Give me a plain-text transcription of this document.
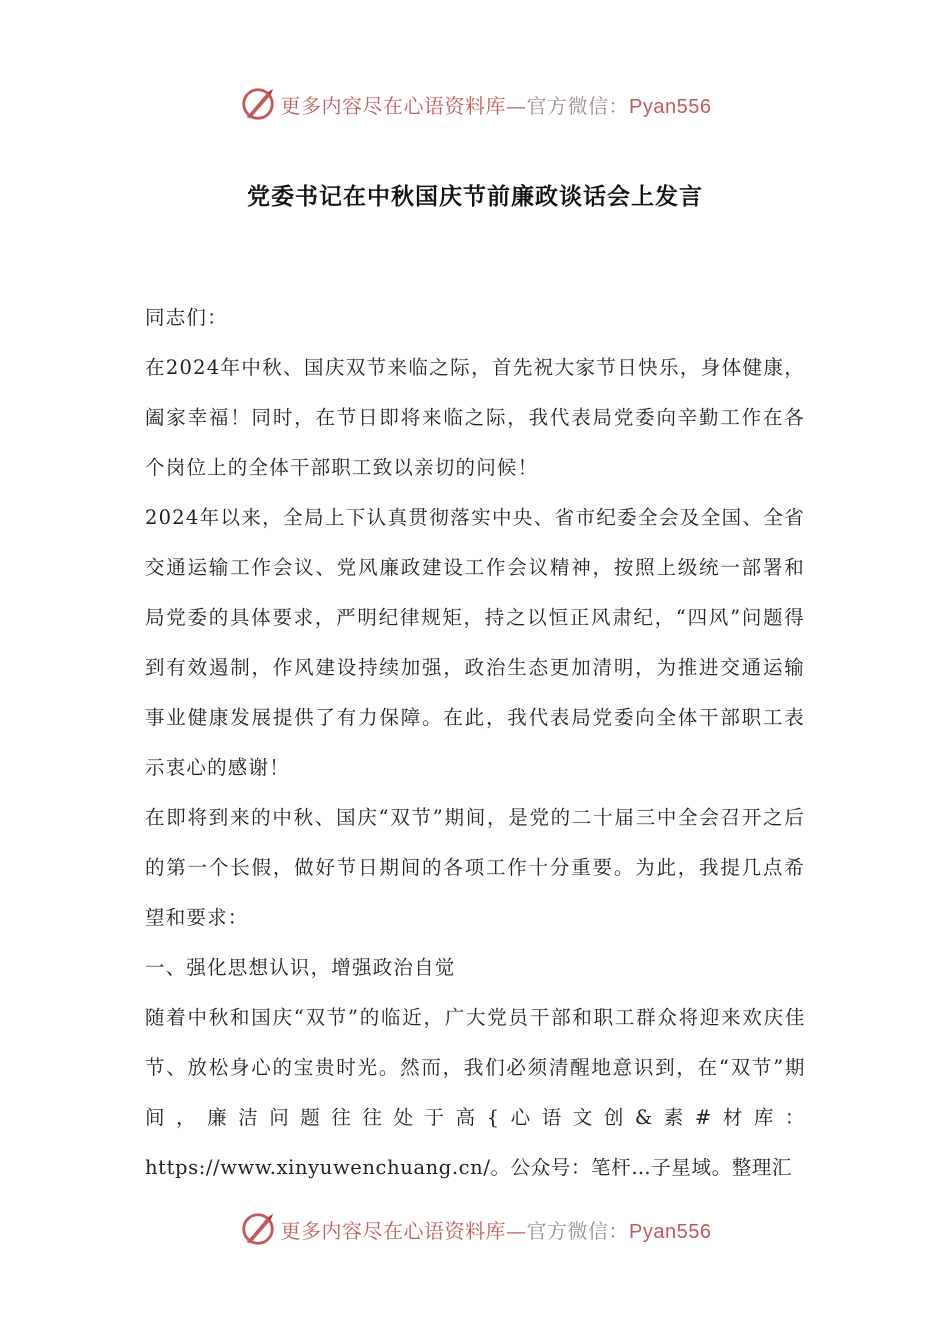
更多内容尽在心语资料库—官方微信：Pyan556
党委书记在中秋国庆节前廉政谈话会上发言

同志们：

在2024年中秋、国庆双节来临之际，首先祝大家节日快乐，身体健康，阖家幸福！同时，在节日即将来临之际，我代表局党委向辛勤工作在各个岗位上的全体干部职工致以亲切的问候！

2024年以来，全局上下认真贯彻落实中央、省市纪委全会及全国、全省交通运输工作会议、党风廉政建设工作会议精神，按照上级统一部署和局党委的具体要求，严明纪律规矩，持之以恒正风肃纪，“四风”问题得到有效遏制，作风建设持续加强，政治生态更加清明，为推进交通运输事业健康发展提供了有力保障。在此，我代表局党委向全体干部职工表示衷心的感谢！

在即将到来的中秋、国庆“双节”期间，是党的二十届三中全会召开之后的第一个长假，做好节日期间的各项工作十分重要。为此，我提几点希望和要求：

一、强化思想认识，增强政治自觉

随着中秋和国庆“双节”的临近，广大党员干部和职工群众将迎来欢庆佳节、放松身心的宝贵时光。然而，我们必须清醒地意识到，在“双节”期间，廉洁问题往往处于高{心语文创&素#材库：https://www.xinyuwenchuang.cn/。公众号：笔杆…子星域。整理汇

更多内容尽在心语资料库—官方微信：Pyan556
